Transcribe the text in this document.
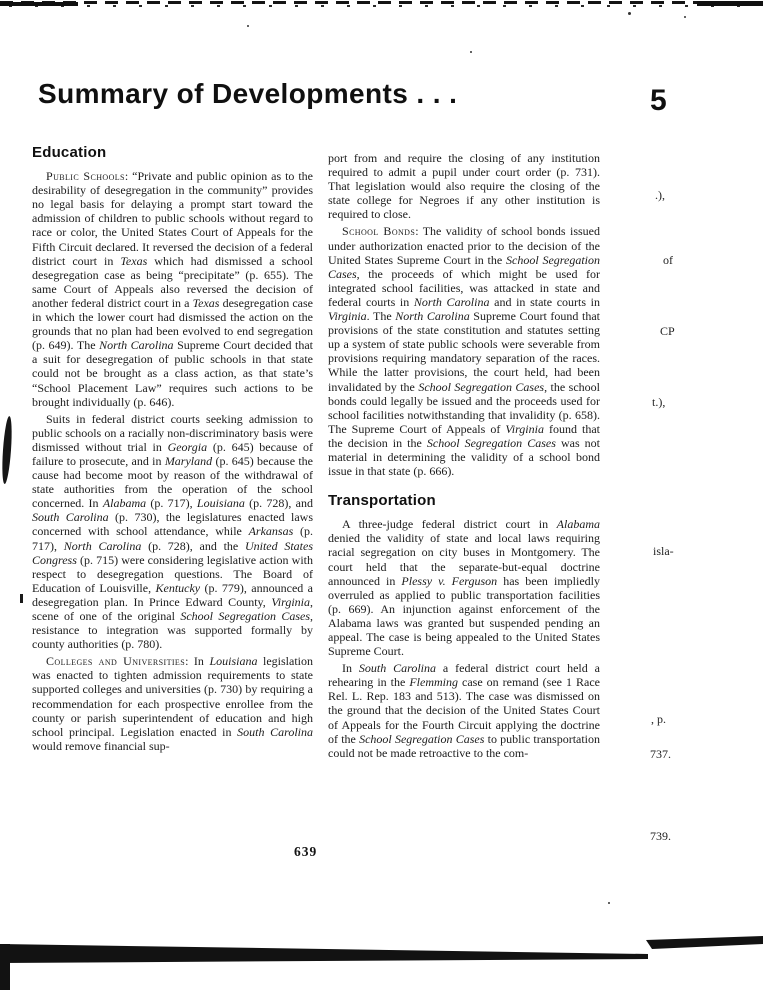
Summary of Developments . . .
Education

Public Schools: “Private and public opinion as to the desirability of desegregation in the community” provides no legal basis for delaying a prompt start toward the admission of children to public schools without regard to race or color, the United States Court of Appeals for the Fifth Circuit declared. It reversed the decision of a federal district court in Texas which had dismissed a school desegregation case as being “precipitate” (p. 655). The same Court of Appeals also reversed the decision of another federal district court in a Texas desegregation case in which the lower court had dismissed the action on the grounds that no plan had been evolved to end segregation (p. 649). The North Carolina Supreme Court decided that a suit for desegregation of public schools in that state could not be brought as a class action, as that state’s “School Placement Law” requires such actions to be brought individually (p. 646).

Suits in federal district courts seeking admission to public schools on a racially non-discriminatory basis were dismissed without trial in Georgia (p. 645) because of failure to prosecute, and in Maryland (p. 645) because the cause had become moot by reason of the withdrawal of state authorities from the operation of the school concerned. In Alabama (p. 717), Louisiana (p. 728), and South Carolina (p. 730), the legislatures enacted laws concerned with school attendance, while Arkansas (p. 717), North Carolina (p. 728), and the United States Congress (p. 715) were considering legislative action with respect to desegregation questions. The Board of Education of Louisville, Kentucky (p. 779), announced a desegregation plan. In Prince Edward County, Virginia, scene of one of the original School Segregation Cases, resistance to integration was supported formally by county authorities (p. 780).

Colleges and Universities: In Louisiana legislation was enacted to tighten admission requirements to state supported colleges and universities (p. 730) by requiring a recommendation for each prospective enrollee from the county or parish superintendent of education and high school principal. Legislation enacted in South Carolina would remove financial sup-

port from and require the closing of any institution required to admit a pupil under court order (p. 731). That legislation would also require the closing of the state college for Negroes if any other institution is required to close.

School Bonds: The validity of school bonds issued under authorization enacted prior to the decision of the United States Supreme Court in the School Segregation Cases, the proceeds of which might be used for integrated school facilities, was attacked in state and federal courts in North Carolina and in state courts in Virginia. The North Carolina Supreme Court found that provisions of the state constitution and statutes setting up a system of state public schools were severable from provisions requiring mandatory separation of the races. While the latter provisions, the court held, had been invalidated by the School Segregation Cases, the school bonds could legally be issued and the proceeds used for school facilities notwithstanding that invalidity (p. 658). The Supreme Court of Appeals of Virginia found that the decision in the School Segregation Cases was not material in determining the validity of a school bond issue in that state (p. 666).

Transportation

A three-judge federal district court in Alabama denied the validity of state and local laws requiring racial segregation on city buses in Montgomery. The court held that the separate-but-equal doctrine announced in Plessy v. Ferguson has been impliedly overruled as applied to public transportation facilities (p. 669). An injunction against enforcement of the Alabama laws was granted but suspended pending an appeal. The case is being appealed to the United States Supreme Court.

In South Carolina a federal district court held a rehearing in the Flemming case on remand (see 1 Race Rel. L. Rep. 183 and 513). The case was dismissed on the ground that the decision of the United States Court of Appeals for the Fourth Circuit applying the doctrine of the School Segregation Cases to public transportation could not be made retroactive to the com-

639
5
.),
of
CP
t.),
isla-
, p.
737.
739.
